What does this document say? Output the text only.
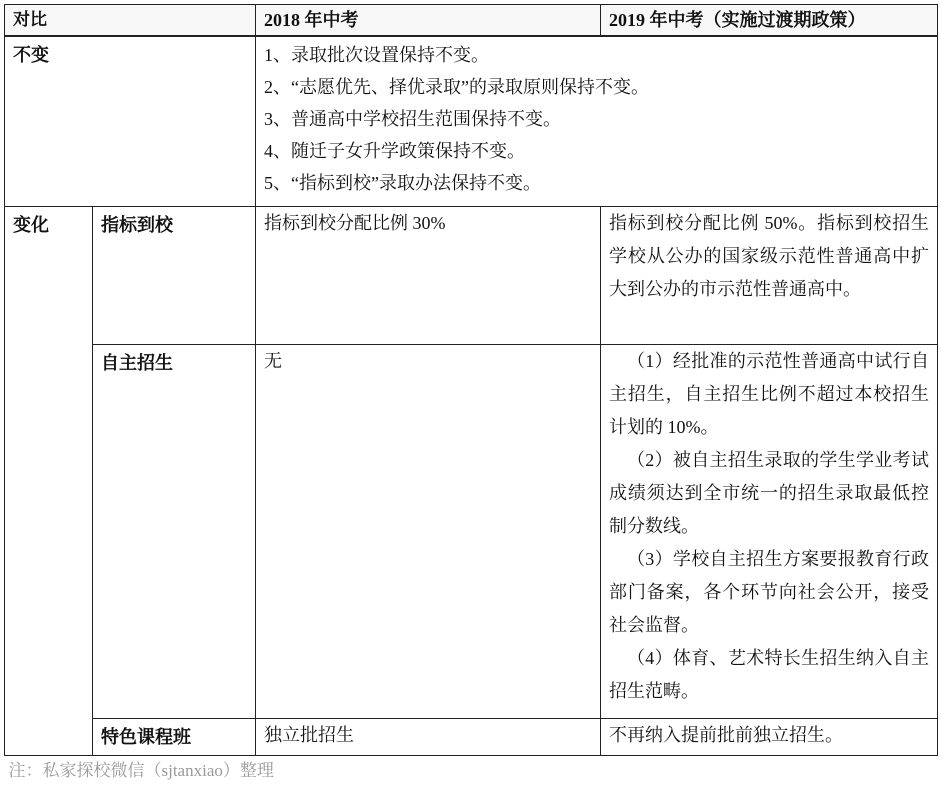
对比		2018 年中考	2019 年中考（实施过渡期政策）
不变		1、录取批次设置保持不变。
2、“志愿优先、择优录取”的录取原则保持不变。
3、普通高中学校招生范围保持不变。
4、随迁子女升学政策保持不变。
5、“指标到校”录取办法保持不变。	

变化	指标到校	指标到校分配比例 30%	指标到校分配比例 50%。指标到校招生学校从公办的国家级示范性普通高中扩大到公办的市示范性普通高中。
	自主招生	无	（1）经批准的示范性普通高中试行自主招生，自主招生比例不超过本校招生计划的 10%。
（2）被自主招生录取的学生学业考试成绩须达到全市统一的招生录取最低控制分数线。
（3）学校自主招生方案要报教育行政部门备案，各个环节向社会公开，接受社会监督。
（4）体育、艺术特长生招生纳入自主招生范畴。

	特色课程班	独立批招生	不再纳入提前批前独立招生。
注：私家探校微信（sjtanxiao）整理			
